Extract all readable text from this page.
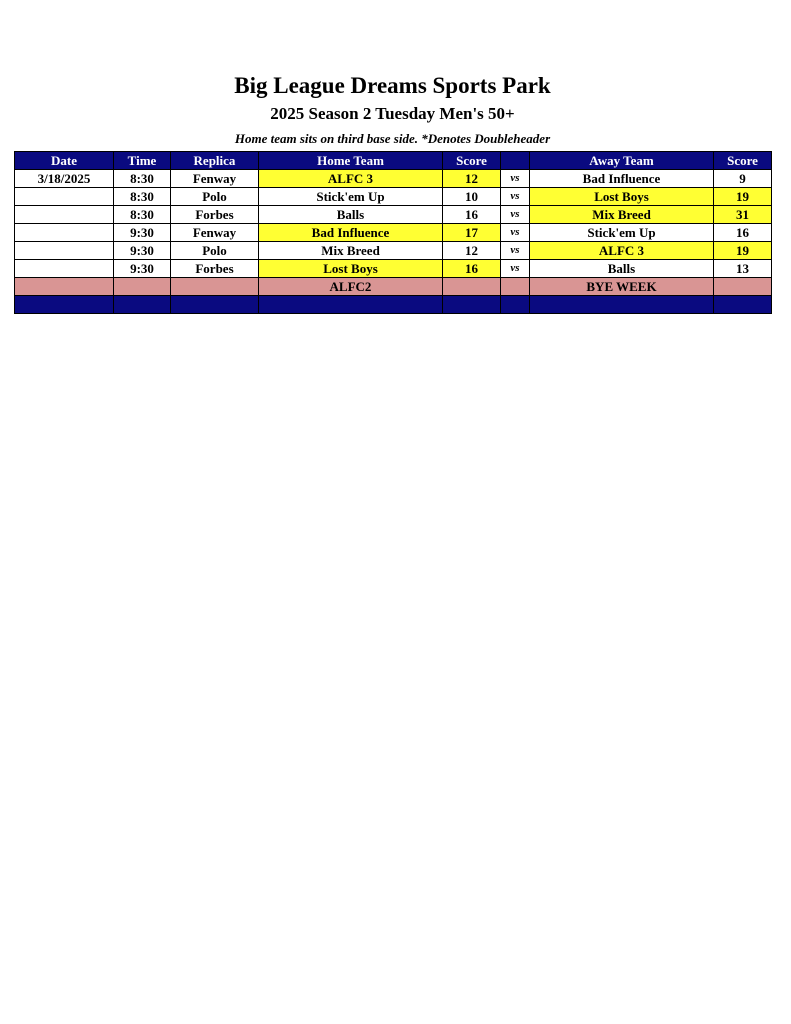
Big League Dreams Sports Park
2025 Season 2 Tuesday Men's 50+

Home team sits on third base side. *Denotes Doubleheader

Date	Time	Replica	Home Team	Score		Away Team	Score
3/18/2025	8:30	Fenway	ALFC 3	12	vs	Bad Influence	9
	8:30	Polo	Stick'em Up	10	vs	Lost Boys	19
	8:30	Forbes	Balls	16	vs	Mix Breed	31
	9:30	Fenway	Bad Influence	17	vs	Stick'em Up	16
	9:30	Polo	Mix Breed	12	vs	ALFC 3	19
	9:30	Forbes	Lost Boys	16	vs	Balls	13
			ALFC2			BYE WEEK	
